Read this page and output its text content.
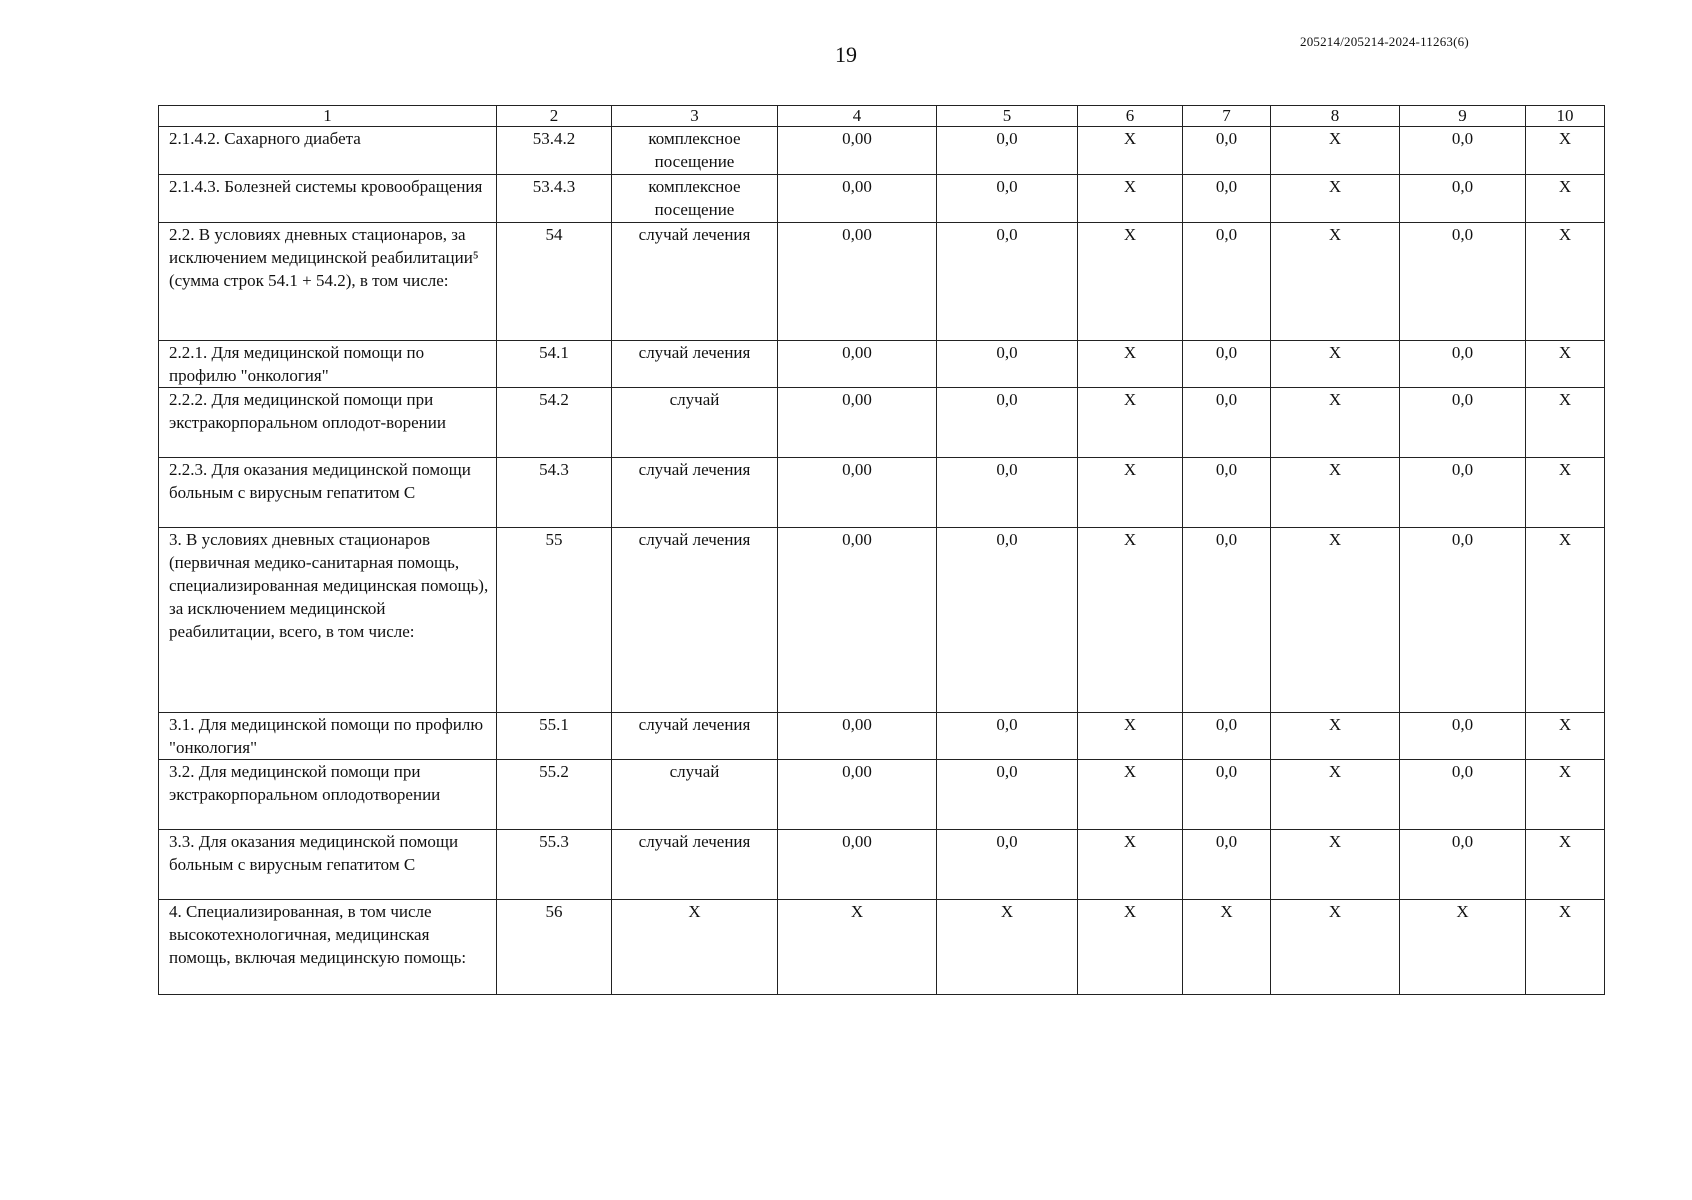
19
205214/205214-2024-11263(6)
1	2	3	4	5	6	7	8	9	10
2.1.4.2. Сахарного диабета	53.4.2	комплексное посещение	0,00	0,0	X	0,0	X	0,0	X
2.1.4.3. Болезней системы кровообращения	53.4.3	комплексное посещение	0,00	0,0	X	0,0	X	0,0	X
2.2. В условиях дневных стационаров, за исключением медицинской реабилитации⁵ (сумма строк 54.1 + 54.2), в том числе:	54	случай лечения	0,00	0,0	X	0,0	X	0,0	X
2.2.1. Для медицинской помощи по профилю "онкология"	54.1	случай лечения	0,00	0,0	X	0,0	X	0,0	X
2.2.2. Для медицинской помощи при экстракорпоральном оплодот-ворении	54.2	случай	0,00	0,0	X	0,0	X	0,0	X
2.2.3. Для оказания медицинской помощи больным с вирусным гепатитом С	54.3	случай лечения	0,00	0,0	X	0,0	X	0,0	X
3. В условиях дневных стационаров (первичная медико-санитарная помощь, специализированная медицинская помощь), за исключением медицинской реабилитации, всего, в том числе:	55	случай лечения	0,00	0,0	X	0,0	X	0,0	X
3.1. Для медицинской помощи по профилю "онкология"	55.1	случай лечения	0,00	0,0	X	0,0	X	0,0	X
3.2. Для медицинской помощи при экстракорпоральном оплодотворении	55.2	случай	0,00	0,0	X	0,0	X	0,0	X
3.3. Для оказания медицинской помощи больным с вирусным гепатитом С	55.3	случай лечения	0,00	0,0	X	0,0	X	0,0	X
4. Специализированная, в том числе высокотехнологичная, медицинская помощь, включая медицинскую помощь:	56	X	X	X	X	X	X	X	X
